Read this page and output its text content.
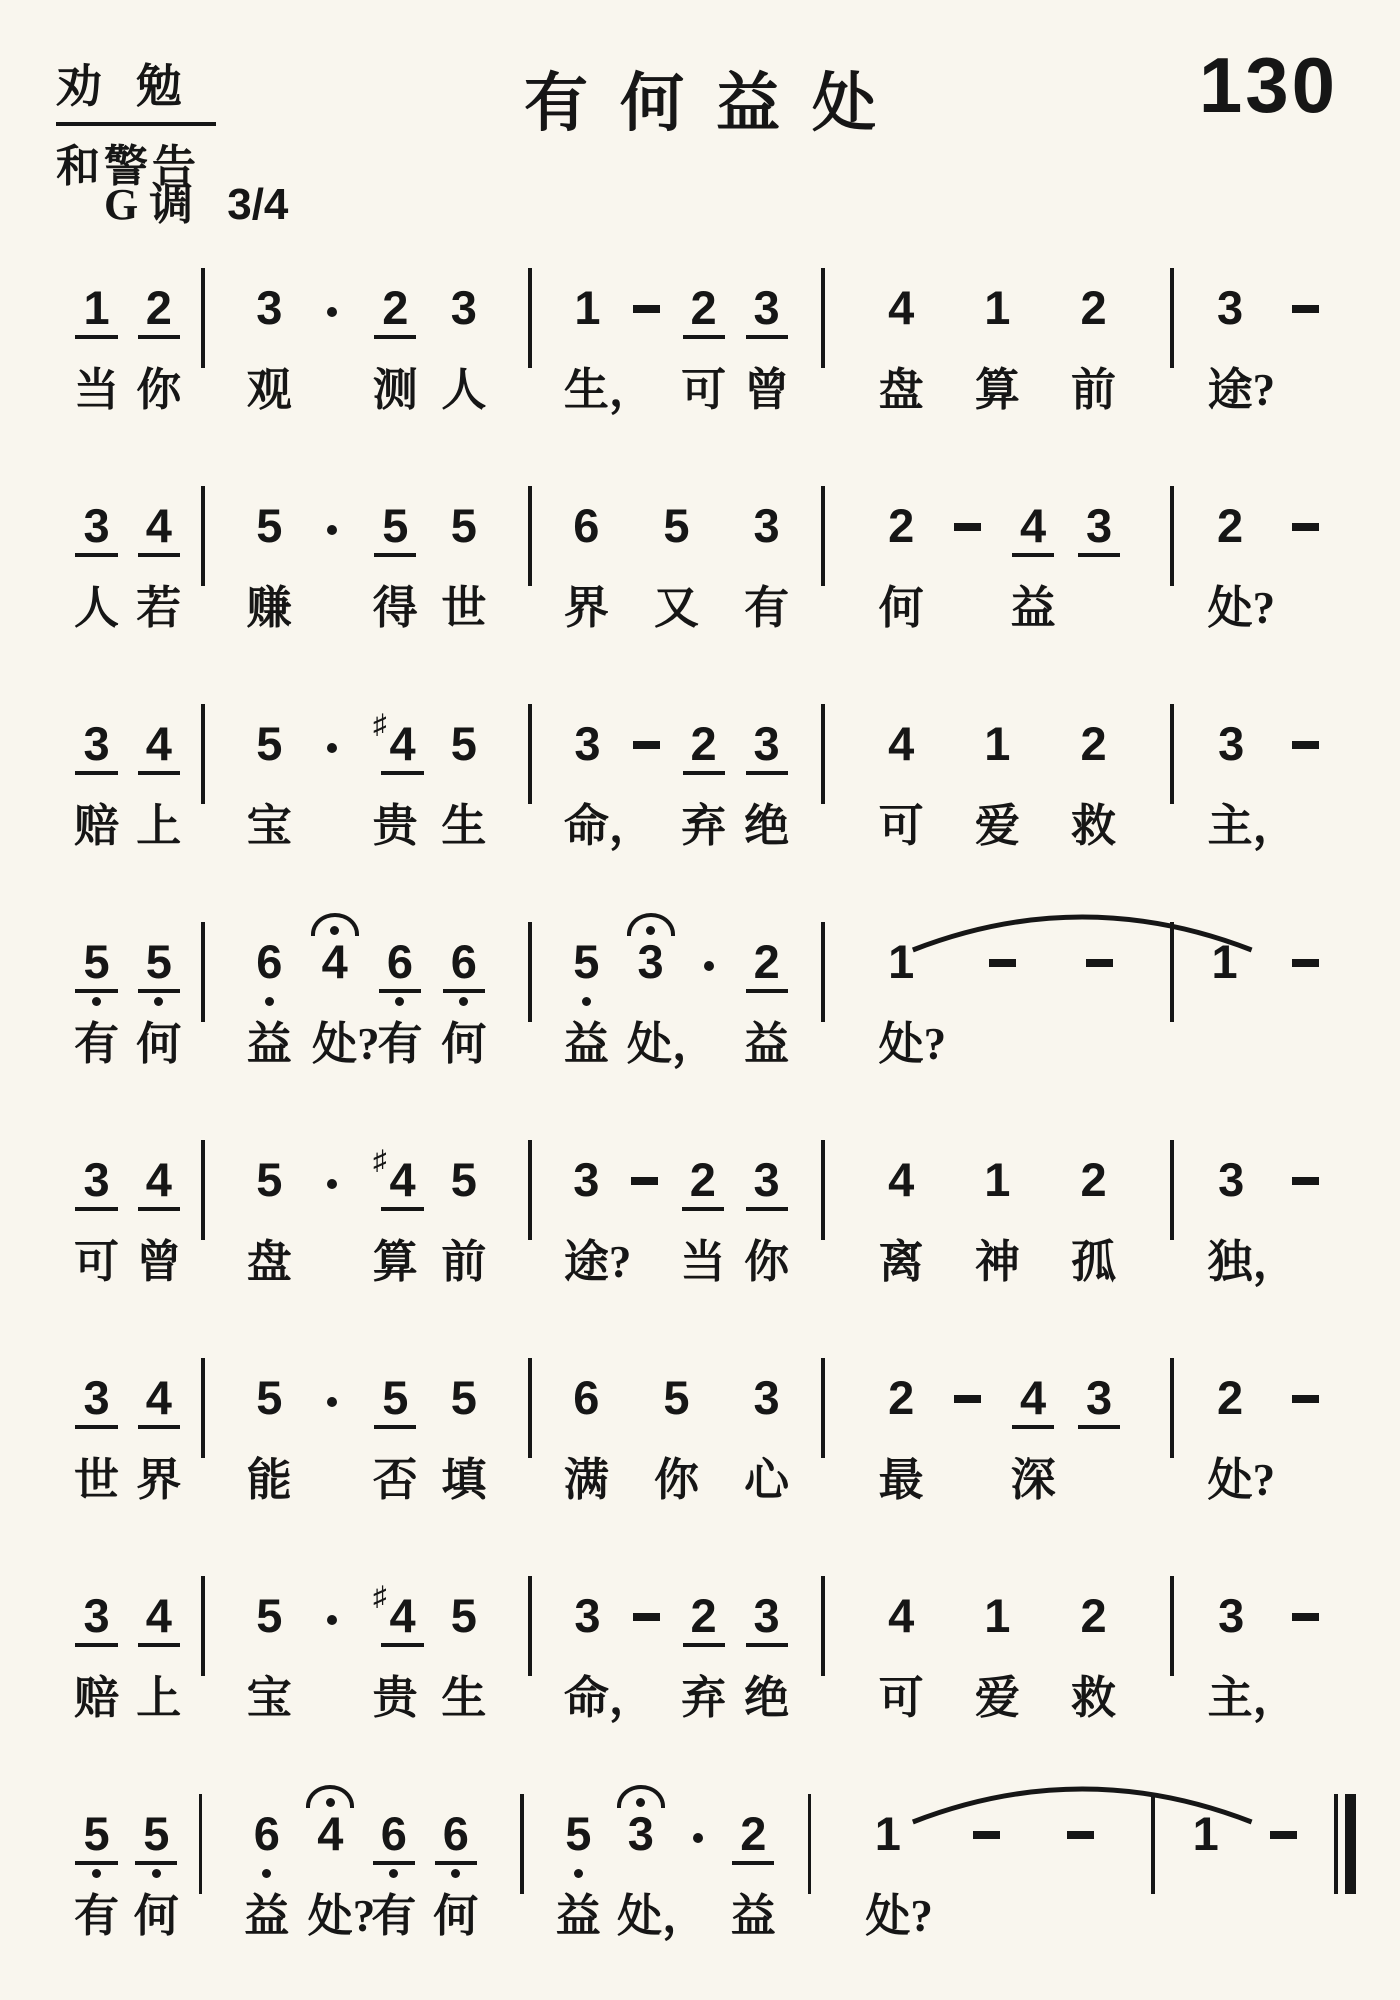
劝勉
和警告
有何益处	130
G 调 3/4
1
当
2
你
3
观
2
测
3
人
1
生，
2
可
3
曾
4
盘
1
算
2
前
3
途?
3
人
4
若
5
赚
5
得
5
世
6
界
5
又
3
有
2
何
4
益
3 2
处?
3
赔
4
上
5
宝
♯ 4
贵
5
生
3
命，
2
弃
3
绝
4
可
1
爱
2
救
3
主，
5
有
5
何
6
益
4
处?
6
有
6
何
5
益
3
处，
2
益
1
处?
1
3
可
4
曾
5
盘
♯ 4
算
5
前
3
途?
2
当
3
你
4
离
1
神
2
孤
3
独，
3
世
4
界
5
能
5
否
5
填
6
满
5
你
3
心
2
最
4
深
3 2
处?
3
赔
4
上
5
宝
♯ 4
贵
5
生
3
命，
2
弃
3
绝
4
可
1
爱
2
救
3
主，
5
有
5
何
6
益
4
处?
6
有
6
何
5
益
3
处，
2
益
1
处?
1
